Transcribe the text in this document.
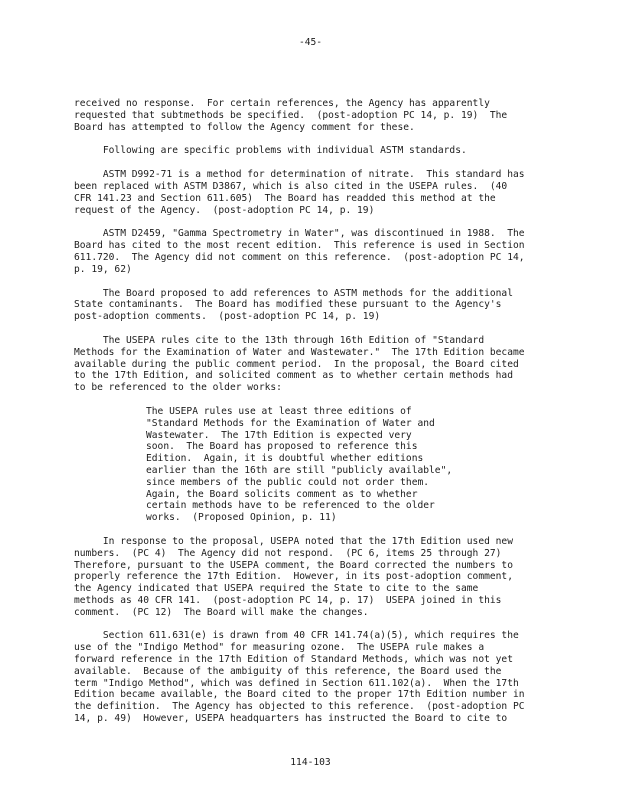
-45-

received no response.  For certain references, the Agency has apparently
requested that subtmethods be specified.  (post-adoption PC 14, p. 19)  The
Board has attempted to follow the Agency comment for these.

Following are specific problems with individual ASTM standards.

ASTM D992-71 is a method for determination of nitrate.  This standard has
been replaced with ASTM D3867, which is also cited in the USEPA rules.  (40
CFR 141.23 and Section 611.605)  The Board has readded this method at the
request of the Agency.  (post-adoption PC 14, p. 19)

ASTM D2459, "Gamma Spectrometry in Water", was discontinued in 1988.  The
Board has cited to the most recent edition.  This reference is used in Section
611.720.  The Agency did not comment on this reference.  (post-adoption PC 14,
p. 19, 62)

The Board proposed to add references to ASTM methods for the additional
State contaminants.  The Board has modified these pursuant to the Agency's
post-adoption comments.  (post-adoption PC 14, p. 19)

The USEPA rules cite to the 13th through 16th Edition of "Standard
Methods for the Examination of Water and Wastewater."  The 17th Edition became
available during the public comment period.  In the proposal, the Board cited
to the 17th Edition, and solicited comment as to whether certain methods had
to be referenced to the older works:

The USEPA rules use at least three editions of
"Standard Methods for the Examination of Water and
Wastewater.  The 17th Edition is expected very
soon.  The Board has proposed to reference this
Edition.  Again, it is doubtful whether editions
earlier than the 16th are still "publicly available",
since members of the public could not order them.
Again, the Board solicits comment as to whether
certain methods have to be referenced to the older
works.  (Proposed Opinion, p. 11)

In response to the proposal, USEPA noted that the 17th Edition used new
numbers.  (PC 4)  The Agency did not respond.  (PC 6, items 25 through 27)
Therefore, pursuant to the USEPA comment, the Board corrected the numbers to
properly reference the 17th Edition.  However, in its post-adoption comment,
the Agency indicated that USEPA required the State to cite to the same
methods as 40 CFR 141.  (post-adoption PC 14, p. 17)  USEPA joined in this
comment.  (PC 12)  The Board will make the changes.

Section 611.631(e) is drawn from 40 CFR 141.74(a)(5), which requires the
use of the "Indigo Method" for measuring ozone.  The USEPA rule makes a
forward reference in the 17th Edition of Standard Methods, which was not yet
available.  Because of the ambiguity of this reference, the Board used the
term "Indigo Method", which was defined in Section 611.102(a).  When the 17th
Edition became available, the Board cited to the proper 17th Edition number in
the definition.  The Agency has objected to this reference.  (post-adoption PC
14, p. 49)  However, USEPA headquarters has instructed the Board to cite to

114-103
